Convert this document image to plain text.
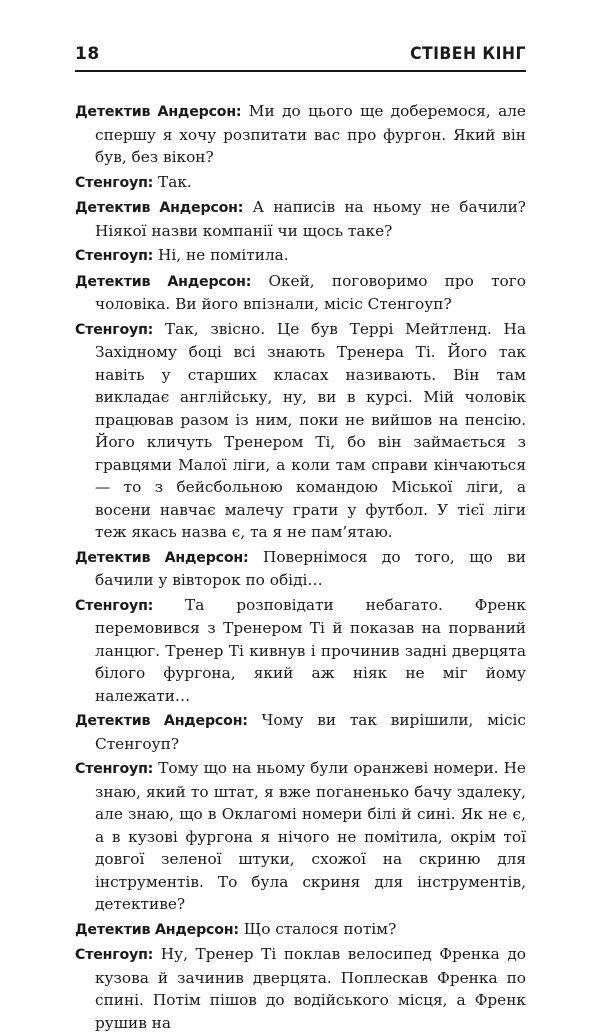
18	СТІВЕН КІНГ

Детектив Андерсон: Ми до цього ще доберемося, але спершу я хочу розпитати вас про фургон. Який він був, без вікон?

Стенгоуп: Так.

Детектив Андерсон: А написів на ньому не бачили? Ніякої назви компанії чи щось таке?

Стенгоуп: Ні, не помітила.

Детектив Андерсон: Окей, поговоримо про того чоловіка. Ви його впізнали, місіс Стенгоуп?

Стенгоуп: Так, звісно. Це був Террі Мейтленд. На Західному боці всі знають Тренера Ті. Його так навіть у старших класах називають. Він там викладає англійську, ну, ви в курсі. Мій чоловік працював разом із ним, поки не вийшов на пенсію. Його кличуть Тренером Ті, бо він займається з гравцями Малої ліги, а коли там справи кінчаються — то з бейсбольною командою Міської ліги, а восени навчає малечу грати у футбол. У тієї ліги теж якась назва є, та я не пам’ятаю.

Детектив Андерсон: Повернімося до того, що ви бачили у вівторок по обіді…

Стенгоуп: Та розповідати небагато. Френк перемовився з Тренером Ті й показав на порваний ланцюг. Тренер Ті кивнув і прочинив задні дверцята білого фургона, який аж ніяк не міг йому належати…

Детектив Андерсон: Чому ви так вирішили, місіс Стенгоуп?

Стенгоуп: Тому що на ньому були оранжеві номери. Не знаю, який то штат, я вже поганенько бачу здалеку, але знаю, що в Оклагомі номери білі й сині. Як не є, а в кузові фургона я нічого не помітила, окрім тої довгої зеленої штуки, схожої на скриню для інструментів. То була скриня для інструментів, детективе?

Детектив Андерсон: Що сталося потім?

Стенгоуп: Ну, Тренер Ті поклав велосипед Френка до кузова й зачинив дверцята. Поплескав Френка по спині. Потім пішов до водійського місця, а Френк рушив на
